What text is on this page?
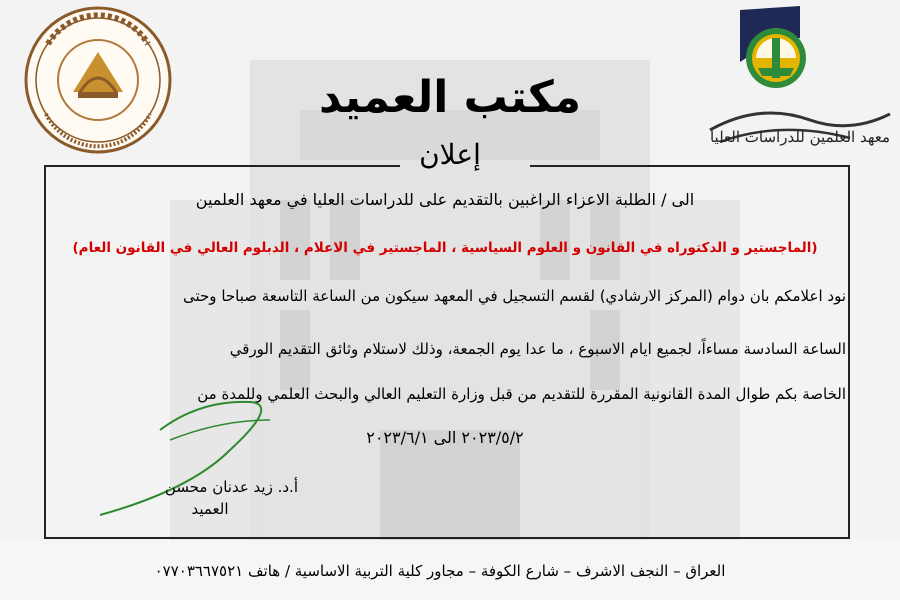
معهد العلمين للدراسات العليا
مكتب العميد
إعلان
الى / الطلبة الاعزاء الراغبين بالتقديم على للدراسات العليا في معهد العلمين
(الماجستير و الدكتوراه في القانون و العلوم السياسية ، الماجستير في الاعلام ، الدبلوم العالي في القانون العام)
نود اعلامكم بان دوام (المركز الارشادي) لقسم التسجيل في المعهد سيكون من الساعة التاسعة صباحا وحتى
الساعة السادسة مساءاً، لجميع ايام الاسبوع ، ما عدا يوم الجمعة، وذلك لاستلام وثائق التقديم الورقي
الخاصة بكم طوال المدة القانونية المقررة للتقديم من قبل وزارة التعليم العالي والبحث العلمي وللمدة من
٢٠٢٣/٥/٢ الى ٢٠٢٣/٦/١
أ.د. زيد عدنان محسن
العميد
العراق – النجف الاشرف – شارع الكوفة – مجاور كلية التربية الاساسية / هاتف ٠٧٧٠٣٦٦٧٥٢١
